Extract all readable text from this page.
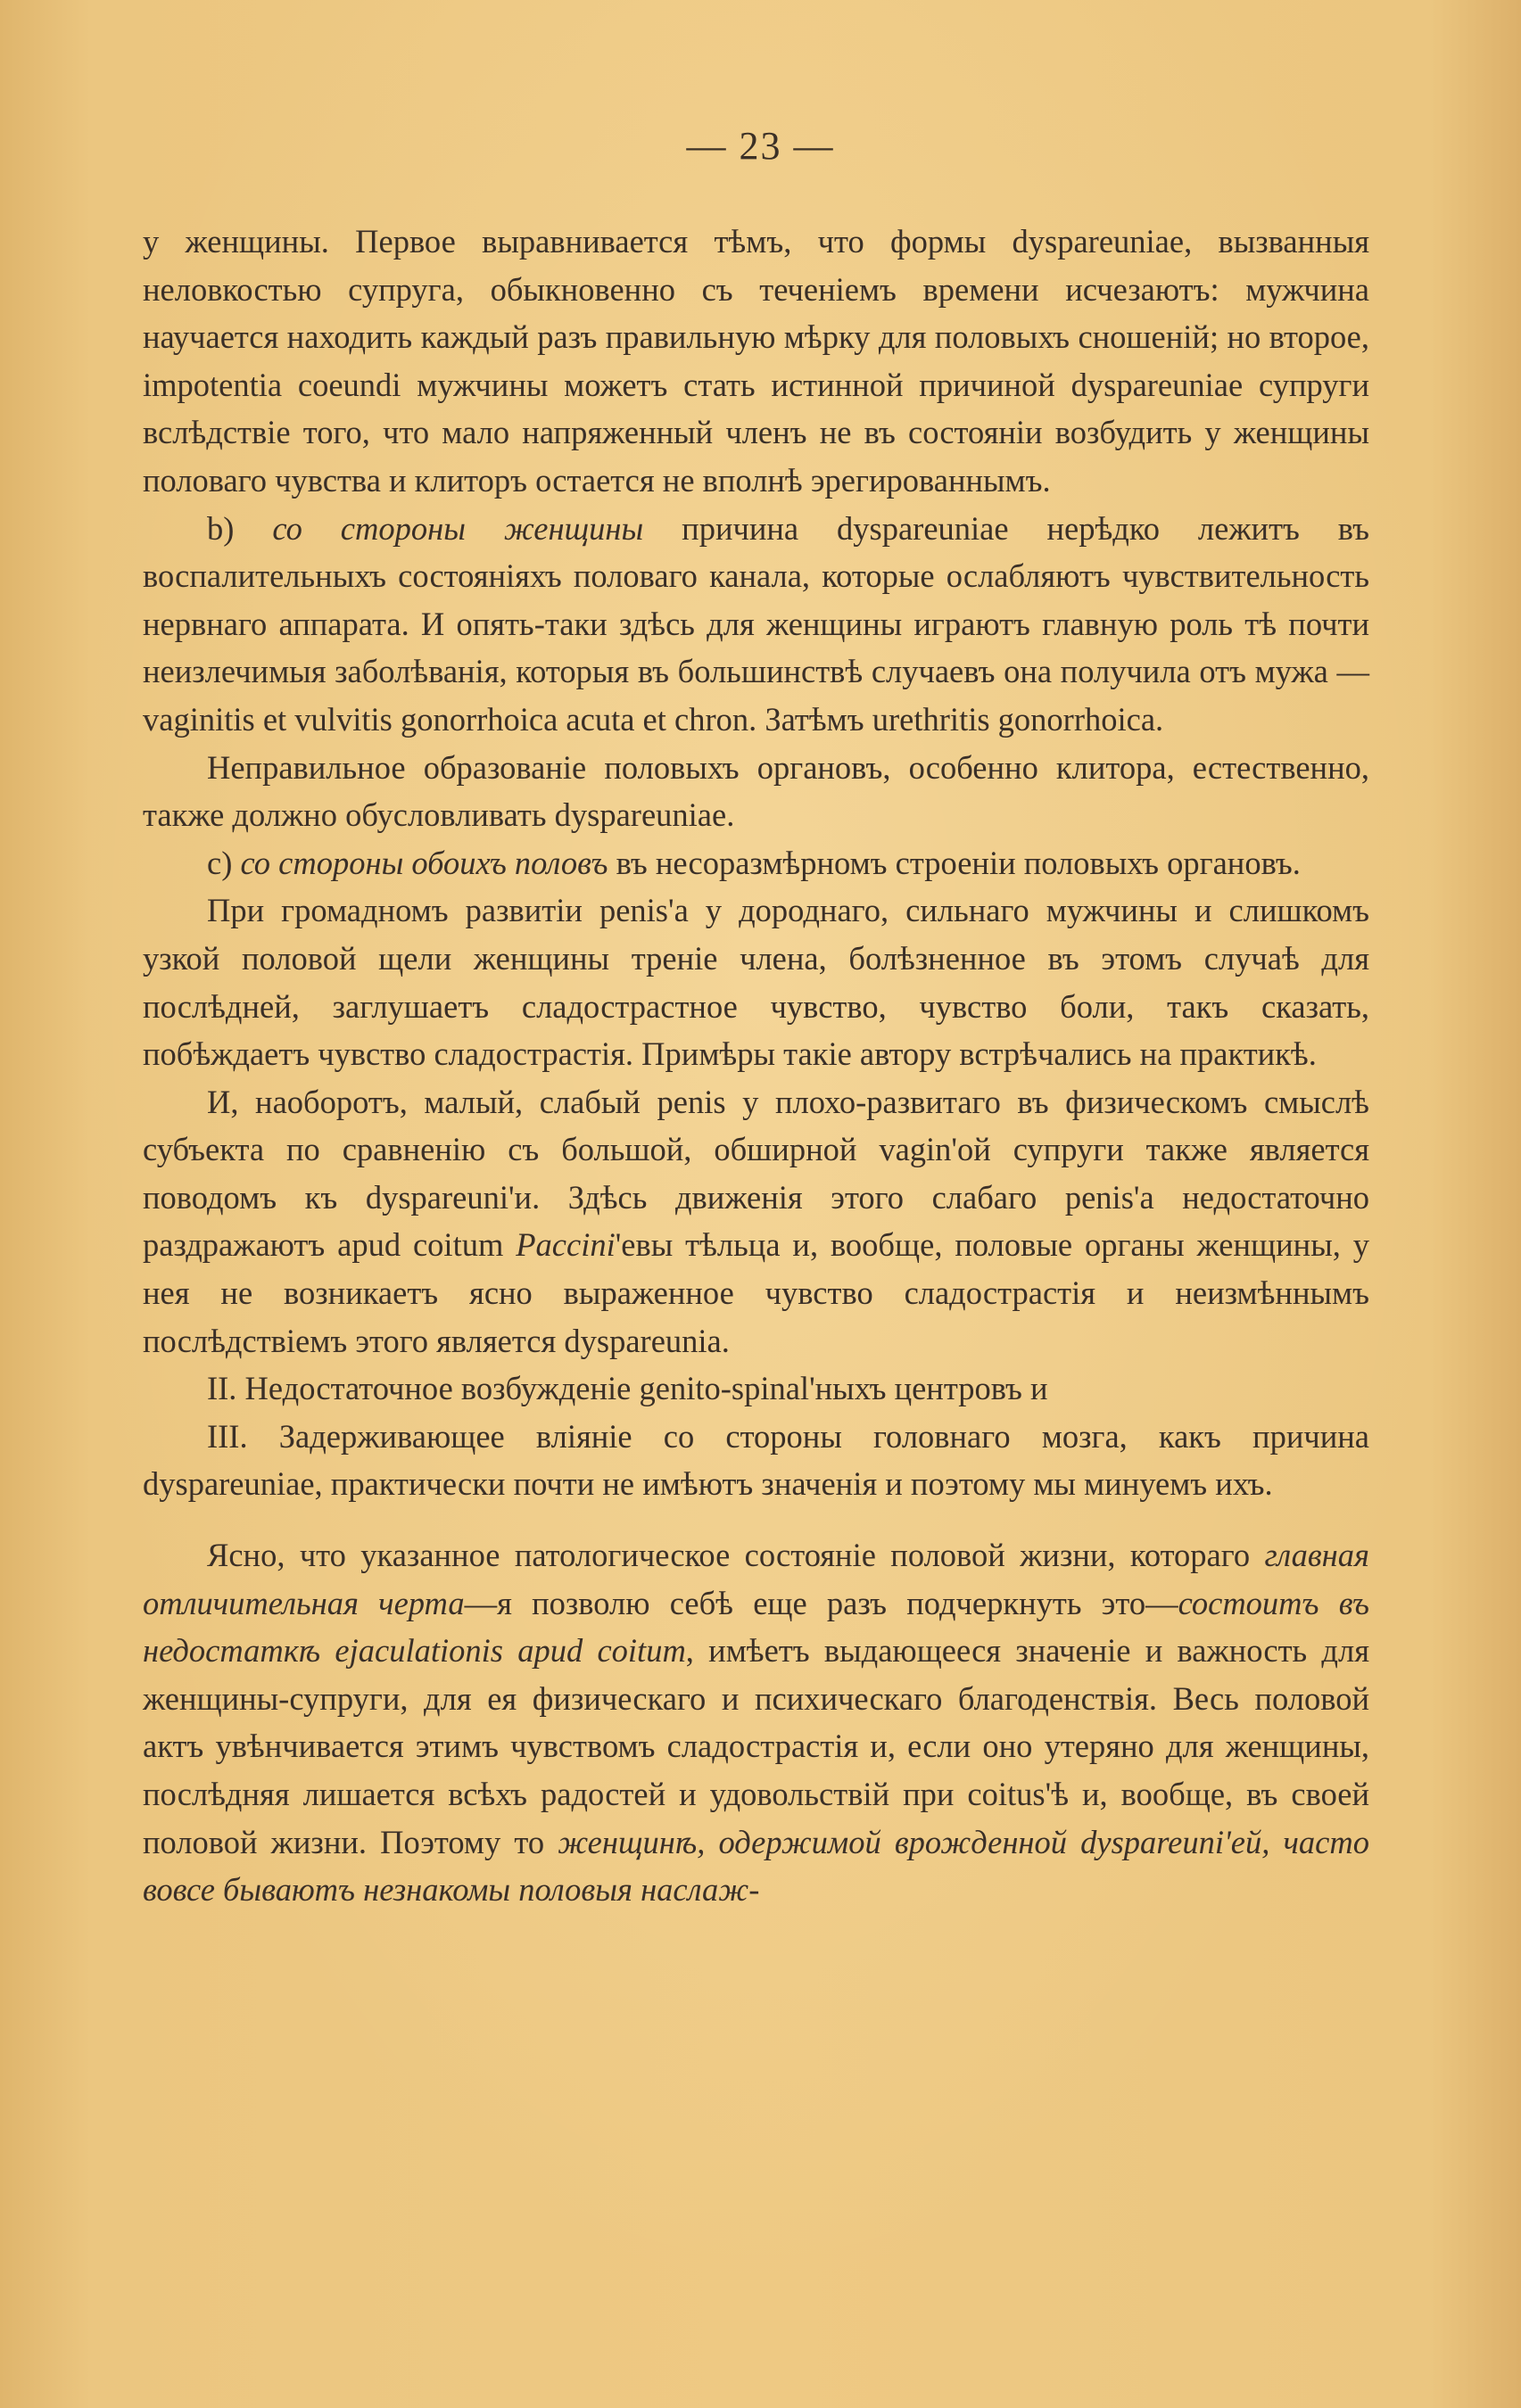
— 23 —

у женщины. Первое выравнивается тѣмъ, что формы dysрareuniae, вызванныя неловкостью супруга, обыкновенно съ теченіемъ времени исчезаютъ: мужчина научается находить каждый разъ правильную мѣрку для половыхъ сношеній; но второе, impotentia coeundi мужчины можетъ стать истинной причиной dysрareuniae супруги вслѣдствіе того, что мало напряженный членъ не въ состояніи возбудить у женщины половаго чувства и клиторъ остается не вполнѣ эрегированнымъ.

b) со стороны женщины причина dysрareuniae нерѣдко лежитъ въ воспалительныхъ состояніяхъ половаго канала, которые ослабляютъ чувствительность нервнаго аппарата. И опять-таки здѣсь для женщины играютъ главную роль тѣ почти неизлечимыя заболѣванія, которыя въ большинствѣ случаевъ она получила отъ мужа — vaginitis et vulvitis gonorrhoica acuta et chron. Затѣмъ urethritis gonorrhoica.

Неправильное образованіе половыхъ органовъ, особенно клитора, естественно, также должно обусловливать dysрareuniae.

c) со стороны обоихъ половъ въ несоразмѣрномъ строеніи половыхъ органовъ.

При громадномъ развитіи penis'а у дороднаго, сильнаго мужчины и слишкомъ узкой половой щели женщины треніе члена, болѣзненное въ этомъ случаѣ для послѣдней, заглушаетъ сладострастное чувство, чувство боли, такъ сказать, побѣждаетъ чувство сладострастія. Примѣры такіе автору встрѣчались на практикѣ.

И, наоборотъ, малый, слабый penis у плохо-развитаго въ физическомъ смыслѣ субъекта по сравненію съ большой, обширной vagin'ой супруги также является поводомъ къ dysрareuni'и. Здѣсь движенія этого слабаго penis'а недостаточно раздражаютъ apud coitum Paccini'евы тѣльца и, вообще, половые органы женщины, у нея не возникаетъ ясно выраженное чувство сладострастія и неизмѣннымъ послѣдствіемъ этого является dysрareunia.

II. Недостаточное возбужденіе genito-spinal'ныхъ центровъ и

III. Задерживающее вліяніе со стороны головнаго мозга, какъ причина dysрareuniae, практически почти не имѣютъ значенія и поэтому мы минуемъ ихъ.

Ясно, что указанное патологическое состояніе половой жизни, котораго главная отличительная черта—я позволю себѣ еще разъ подчеркнуть это—состоитъ въ недостаткѣ ejaculationis apud coitum, имѣетъ выдающееся значеніе и важность для женщины-супруги, для ея физическаго и психическаго благоденствія. Весь половой актъ увѣнчивается этимъ чувствомъ сладострастія и, если оно утеряно для женщины, послѣдняя лишается всѣхъ радостей и удовольствій при coitus'ѣ и, вообще, въ своей половой жизни. Поэтому то женщинѣ, одержимой врожденной dysрareuni'ей, часто вовсе бываютъ незнакомы половыя наслаж-
